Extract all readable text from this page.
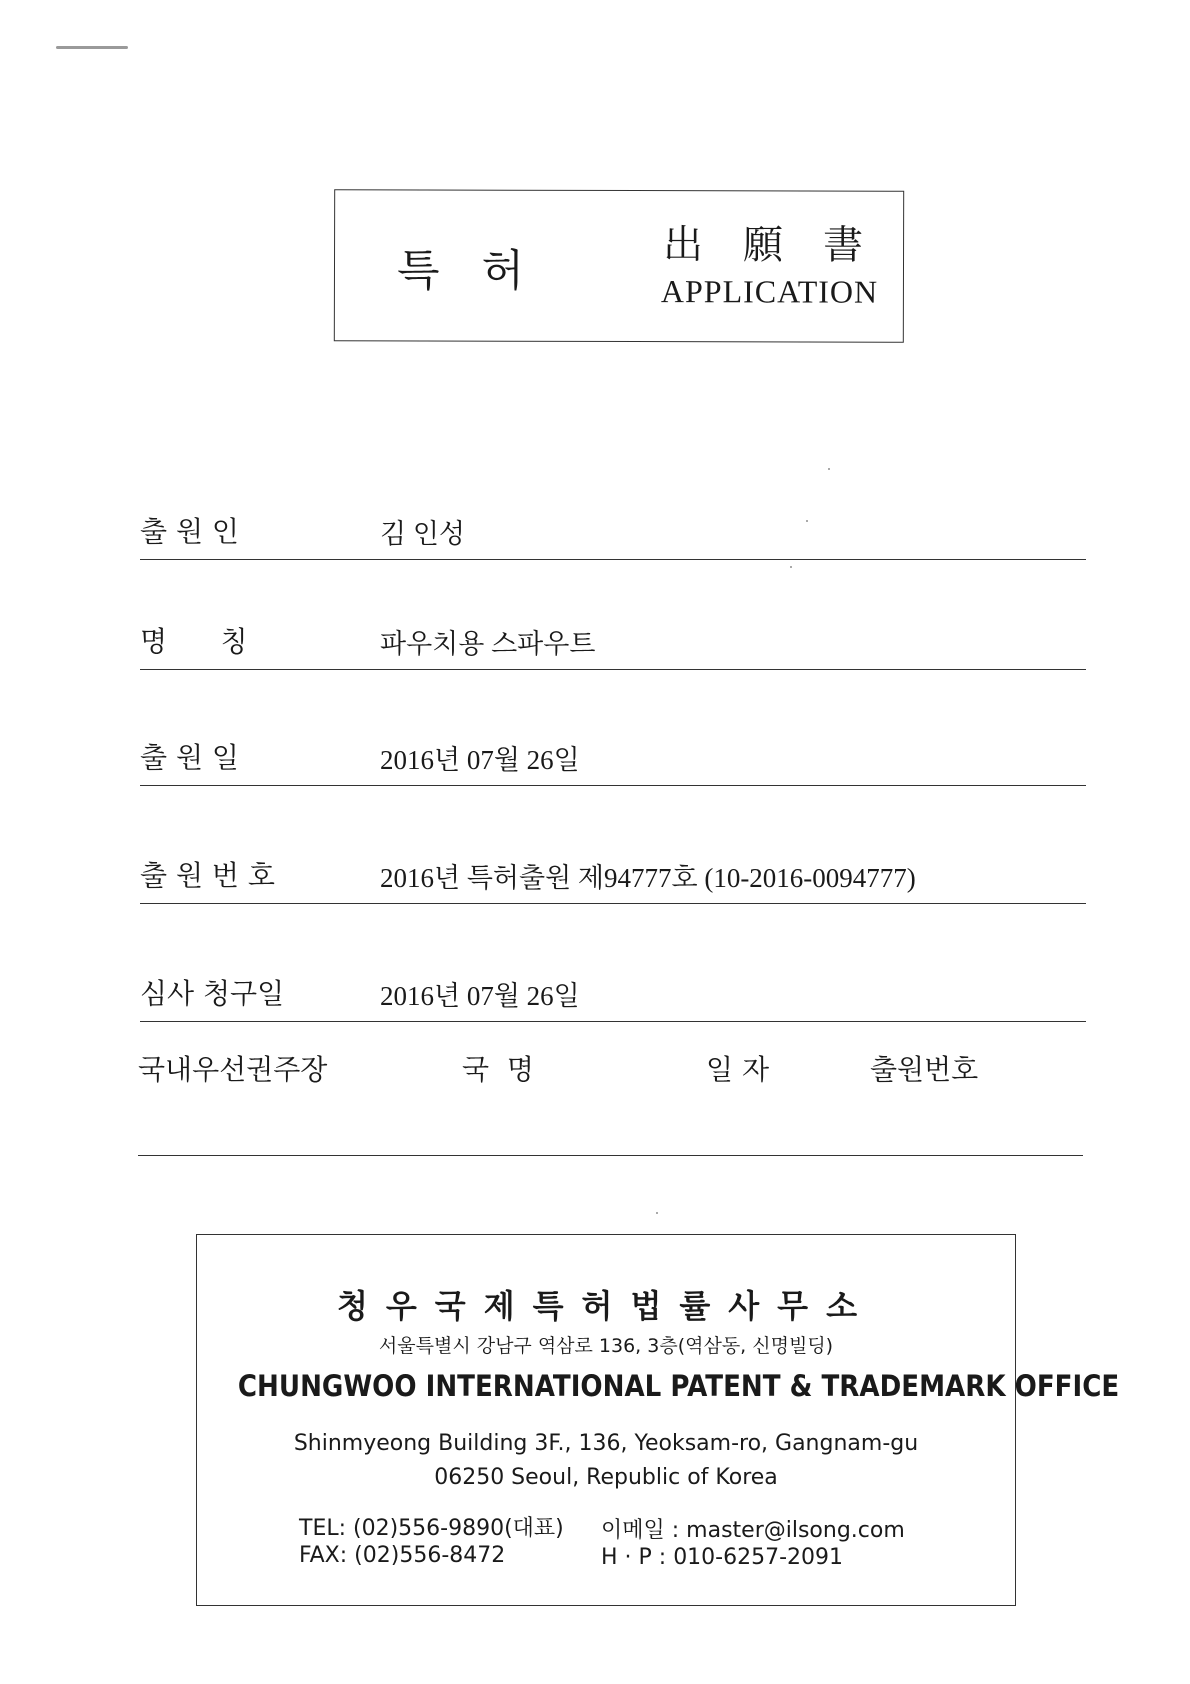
특허 出願書
APPLICATION
출 원 인	김 인성
명      칭	파우치용 스파우트
출 원 일	2016년 07월 26일
출 원 번 호	2016년 특허출원 제94777호 (10-2016-0094777)
심사 청구일	2016년 07월 26일
국내우선권주장	국  명	일 자	출원번호
청우국제특허법률사무소
서울특별시 강남구 역삼로 136, 3층(역삼동, 신명빌딩)
CHUNGWOO INTERNATIONAL PATENT & TRADEMARK OFFICE
Shinmyeong Building 3F., 136, Yeoksam-ro, Gangnam-gu
06250 Seoul, Republic of Korea
TEL: (02)556-9890(대표)
FAX: (02)556-8472
이메일 : master@ilsong.com
H · P : 010-6257-2091
